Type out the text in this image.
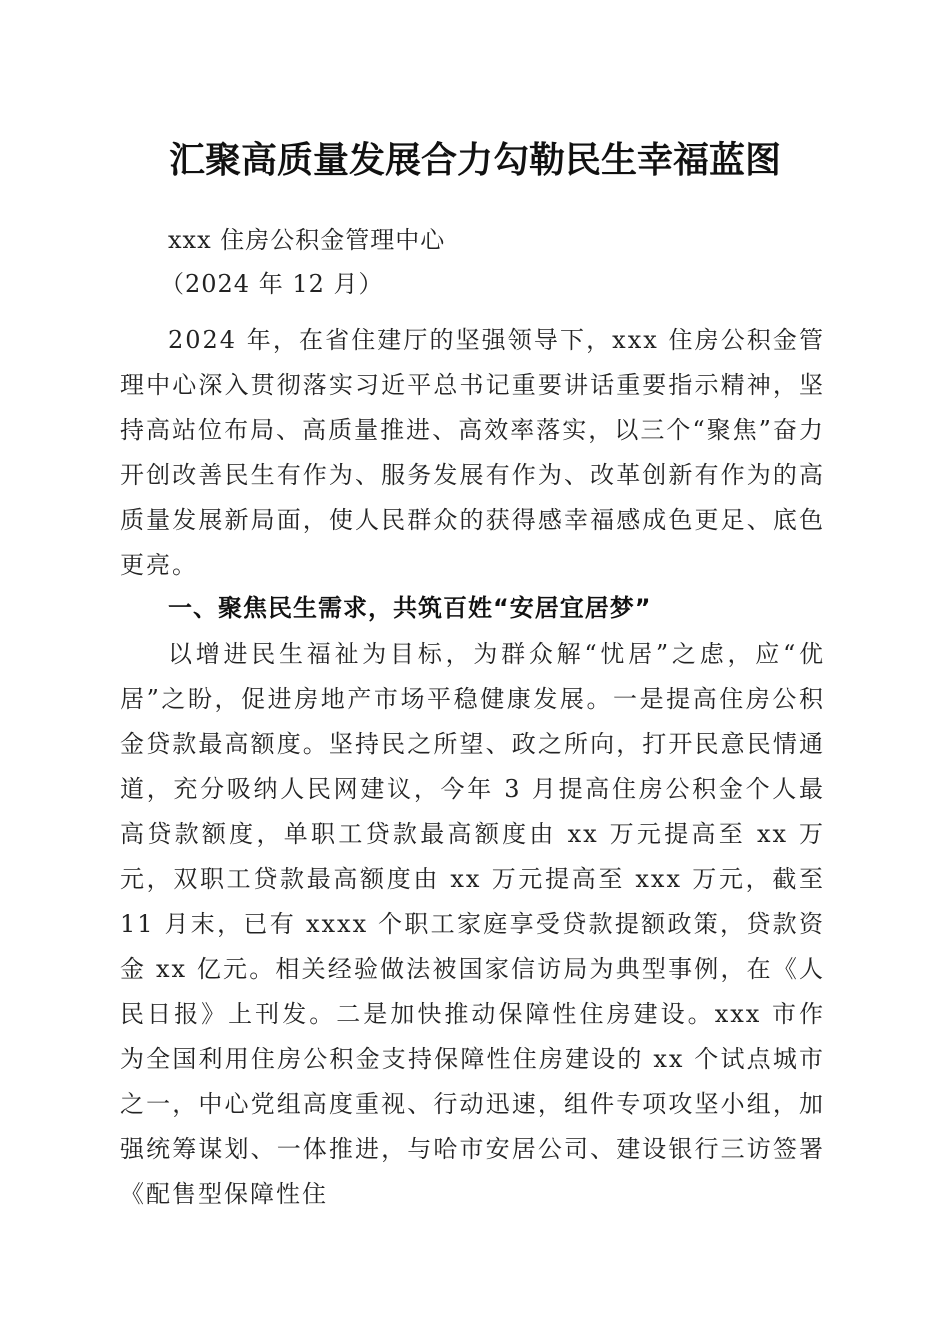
汇聚高质量发展合力勾勒民生幸福蓝图
xxx 住房公积金管理中心
（2024 年 12 月）
2024 年，在省住建厅的坚强领导下，xxx 住房公积金管理中心深入贯彻落实习近平总书记重要讲话重要指示精神，坚持高站位布局、高质量推进、高效率落实，以三个“聚焦”奋力开创改善民生有作为、服务发展有作为、改革创新有作为的高质量发展新局面，使人民群众的获得感幸福感成色更足、底色更亮。
一、聚焦民生需求，共筑百姓“安居宜居梦”
以增进民生福祉为目标，为群众解“忧居”之虑，应“优居”之盼，促进房地产市场平稳健康发展。一是提高住房公积金贷款最高额度。坚持民之所望、政之所向，打开民意民情通道，充分吸纳人民网建议，今年 3 月提高住房公积金个人最高贷款额度，单职工贷款最高额度由 xx 万元提高至 xx 万元，双职工贷款最高额度由 xx 万元提高至 xxx 万元，截至 11 月末，已有 xxxx 个职工家庭享受贷款提额政策，贷款资金 xx 亿元。相关经验做法被国家信访局为典型事例，在《人民日报》上刊发。二是加快推动保障性住房建设。xxx 市作为全国利用住房公积金支持保障性住房建设的 xx 个试点城市之一，中心党组高度重视、行动迅速，组件专项攻坚小组，加强统筹谋划、一体推进，与哈市安居公司、建设银行三访签署《配售型保障性住
